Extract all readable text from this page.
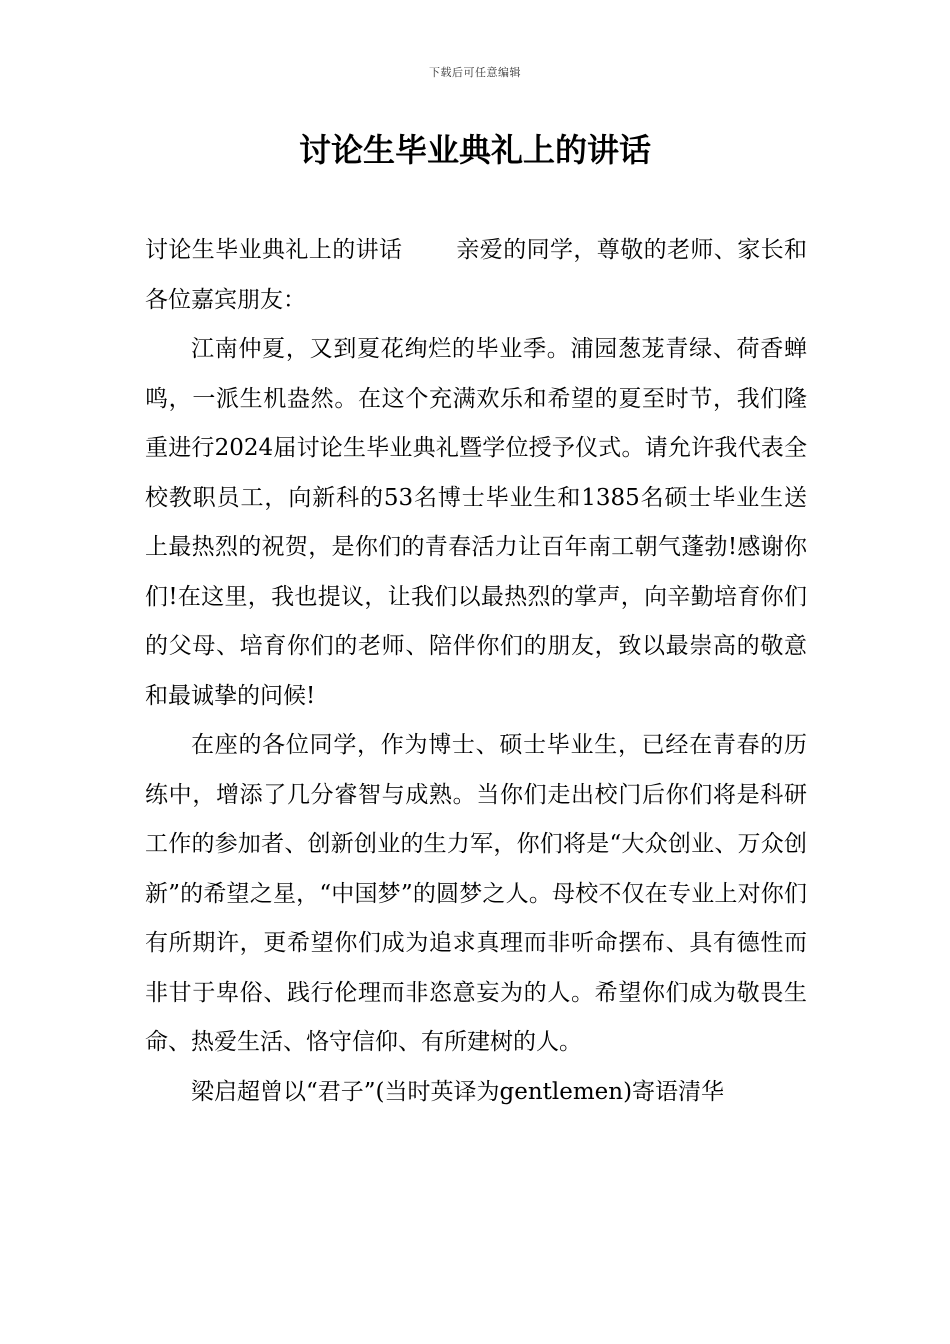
下载后可任意编辑
讨论生毕业典礼上的讲话

讨论生毕业典礼上的讲话 亲爱的同学，尊敬的老师、家长和各位嘉宾朋友：

江南仲夏，又到夏花绚烂的毕业季。浦园葱茏青绿、荷香蝉鸣，一派生机盎然。在这个充满欢乐和希望的夏至时节，我们隆重进行2024届讨论生毕业典礼暨学位授予仪式。请允许我代表全校教职员工，向新科的53名博士毕业生和1385名硕士毕业生送上最热烈的祝贺，是你们的青春活力让百年南工朝气蓬勃!感谢你们!在这里，我也提议，让我们以最热烈的掌声，向辛勤培育你们的父母、培育你们的老师、陪伴你们的朋友，致以最崇高的敬意和最诚挚的问候!

在座的各位同学，作为博士、硕士毕业生，已经在青春的历练中，增添了几分睿智与成熟。当你们走出校门后你们将是科研工作的参加者、创新创业的生力军，你们将是“大众创业、万众创新”的希望之星，“中国梦”的圆梦之人。母校不仅在专业上对你们有所期许，更希望你们成为追求真理而非听命摆布、具有德性而非甘于卑俗、践行伦理而非恣意妄为的人。希望你们成为敬畏生命、热爱生活、恪守信仰、有所建树的人。

梁启超曾以“君子”(当时英译为gentlemen)寄语清华
